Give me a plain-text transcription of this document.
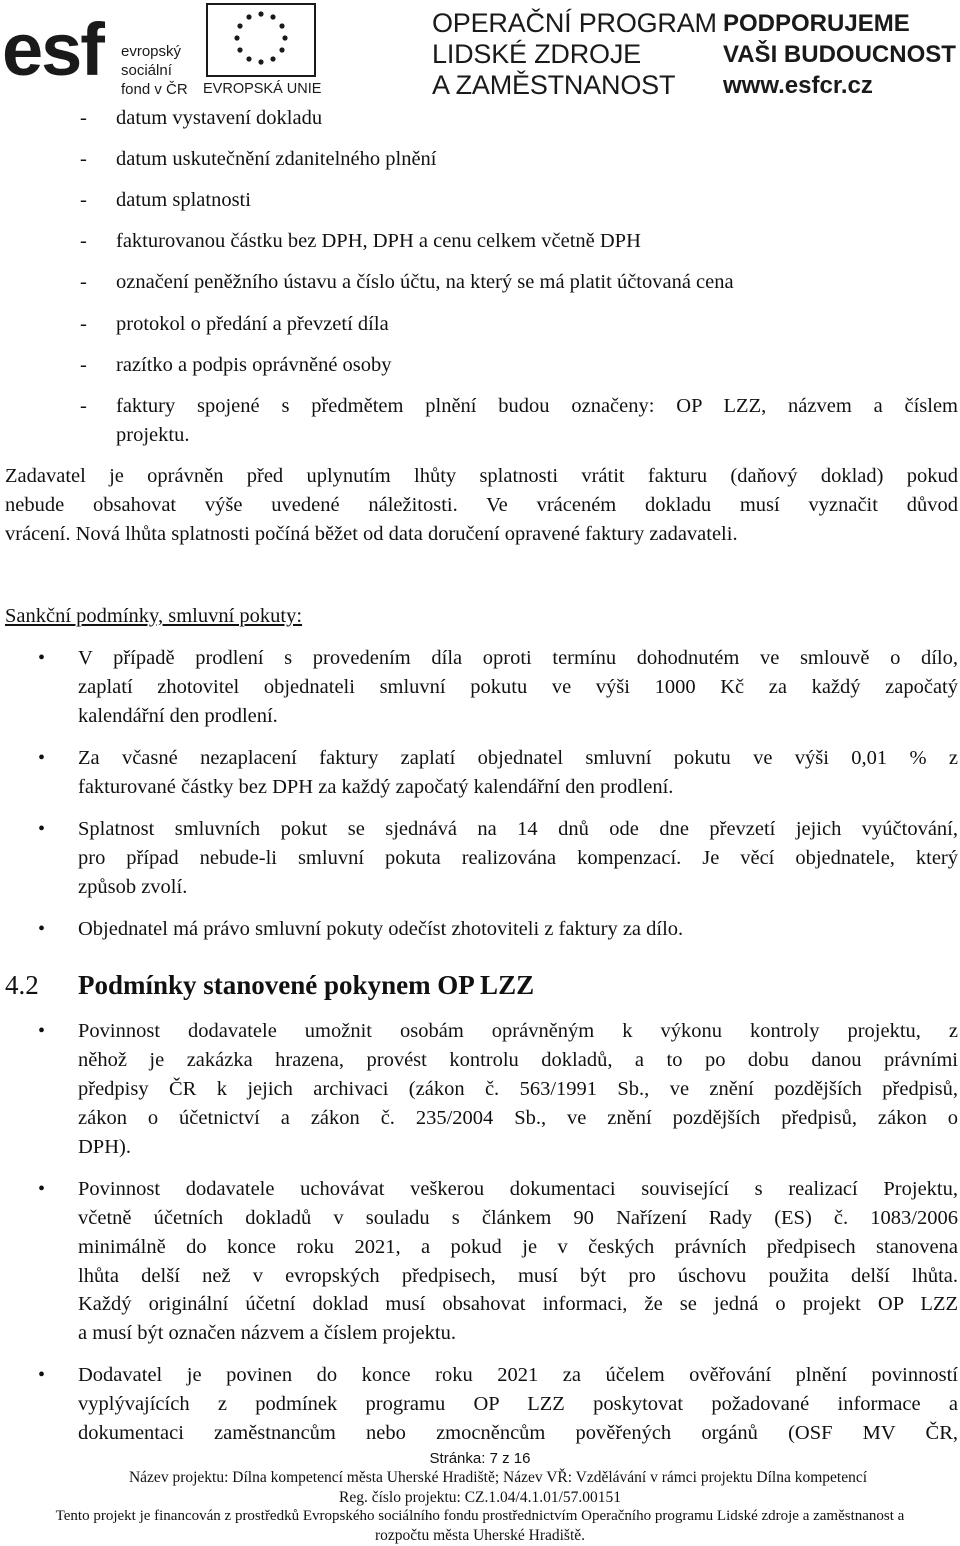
esf evropský
sociální
fond v ČR EVROPSKÁ UNIE
OPERAČNÍ PROGRAM
LIDSKÉ ZDROJE
A ZAMĚSTNANOST
PODPORUJEME
VAŠI BUDOUCNOST
www.esfcr.cz
- datum vystavení dokladu
- datum uskutečnění zdanitelného plnění
- datum splatnosti
- fakturovanou částku bez DPH, DPH a cenu celkem včetně DPH
- označení peněžního ústavu a číslo účtu, na který se má platit účtovaná cena
- protokol o předání a převzetí díla
- razítko a podpis oprávněné osoby
- faktury spojené s předmětem plnění budou označeny: OP LZZ, názvem a číslem
projektu.
Zadavatel je oprávněn před uplynutím lhůty splatnosti vrátit fakturu (daňový doklad) pokud
nebude obsahovat výše uvedené náležitosti. Ve vráceném dokladu musí vyznačit důvod
vrácení. Nová lhůta splatnosti počíná běžet od data doručení opravené faktury zadavateli.
Sankční podmínky, smluvní pokuty:
• V případě prodlení s provedením díla oproti termínu dohodnutém ve smlouvě o dílo,
zaplatí zhotovitel objednateli smluvní pokutu ve výši 1000 Kč za každý započatý
kalendářní den prodlení.
• Za včasné nezaplacení faktury zaplatí objednatel smluvní pokutu ve výši 0,01 % z
fakturované částky bez DPH za každý započatý kalendářní den prodlení.
• Splatnost smluvních pokut se sjednává na 14 dnů ode dne převzetí jejich vyúčtování,
pro případ nebude-li smluvní pokuta realizována kompenzací. Je věcí objednatele, který
způsob zvolí.
• Objednatel má právo smluvní pokuty odečíst zhotoviteli z faktury za dílo.
4.2 Podmínky stanovené pokynem OP LZZ
• Povinnost dodavatele umožnit osobám oprávněným k výkonu kontroly projektu, z
něhož je zakázka hrazena, provést kontrolu dokladů, a to po dobu danou právními
předpisy ČR k jejich archivaci (zákon č. 563/1991 Sb., ve znění pozdějších předpisů,
zákon o účetnictví a zákon č. 235/2004 Sb., ve znění pozdějších předpisů, zákon o
DPH).
• Povinnost dodavatele uchovávat veškerou dokumentaci související s realizací Projektu,
včetně účetních dokladů v souladu s článkem 90 Nařízení Rady (ES) č. 1083/2006
minimálně do konce roku 2021, a pokud je v českých právních předpisech stanovena
lhůta delší než v evropských předpisech, musí být pro úschovu použita delší lhůta.
Každý originální účetní doklad musí obsahovat informaci, že se jedná o projekt OP LZZ
a musí být označen názvem a číslem projektu.
• Dodavatel je povinen do konce roku 2021 za účelem ověřování plnění povinností
vyplývajících z podmínek programu OP LZZ poskytovat požadované informace a
dokumentaci zaměstnancům nebo zmocněncům pověřených orgánů (OSF MV ČR,
Stránka: 7 z 16
Název projektu: Dílna kompetencí města Uherské Hradiště; Název VŘ: Vzdělávání v rámci projektu Dílna kompetencí
Reg. číslo projektu: CZ.1.04/4.1.01/57.00151
Tento projekt je financován z prostředků Evropského sociálního fondu prostřednictvím Operačního programu Lidské zdroje a zaměstnanost a
rozpočtu města Uherské Hradiště.
